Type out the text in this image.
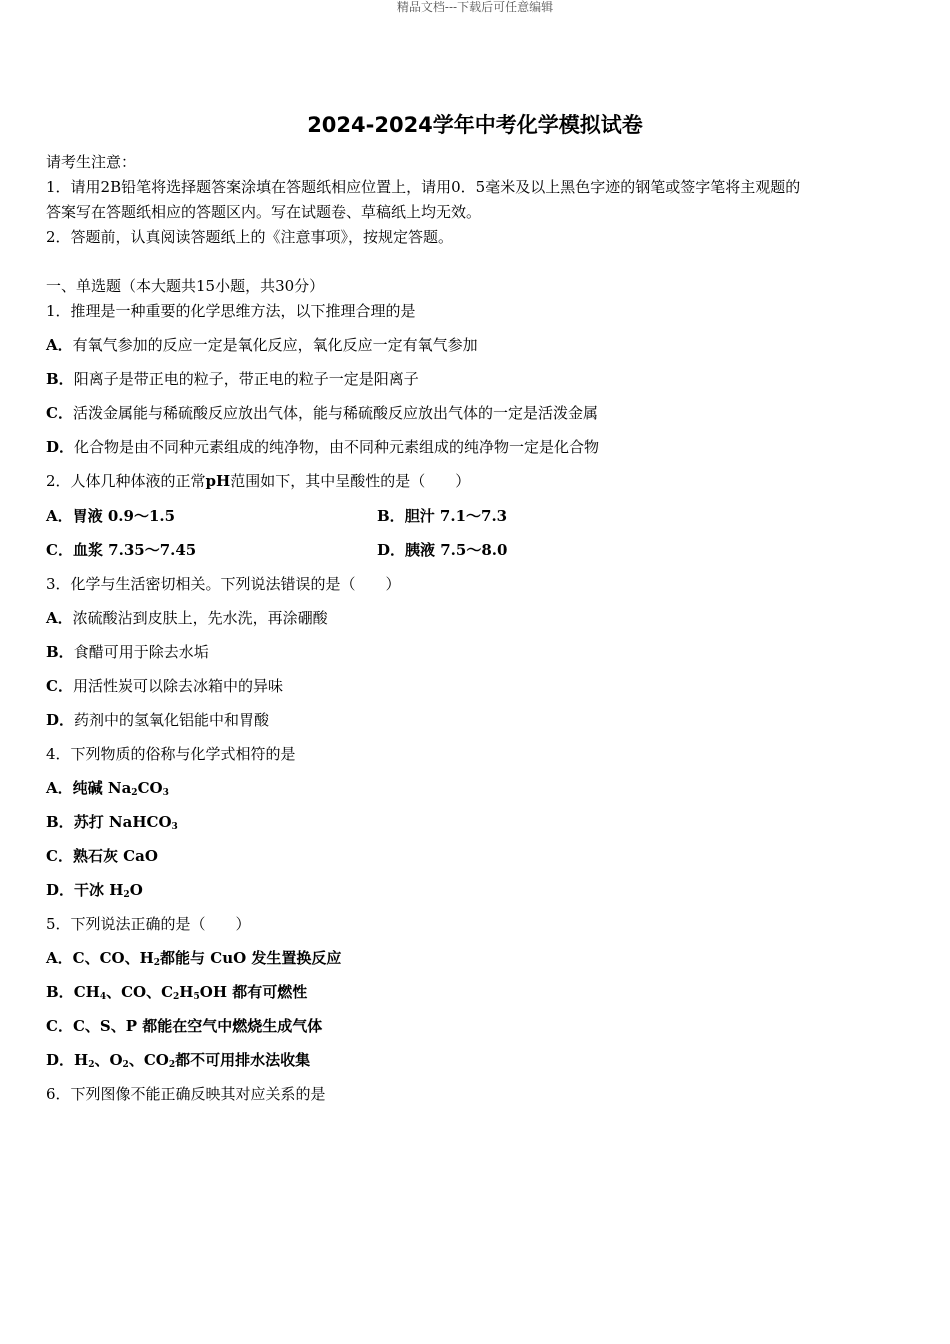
精品文档---下载后可任意编辑
2024-2024学年中考化学模拟试卷
请考生注意：
1．请用2B铅笔将选择题答案涂填在答题纸相应位置上，请用0．5毫米及以上黑色字迹的钢笔或签字笔将主观题的
答案写在答题纸相应的答题区内。写在试题卷、草稿纸上均无效。
2．答题前，认真阅读答题纸上的《注意事项》，按规定答题。
一、单选题（本大题共15小题，共30分）
1．推理是一种重要的化学思维方法，以下推理合理的是
A．有氧气参加的反应一定是氧化反应，氧化反应一定有氧气参加
B．阳离子是带正电的粒子，带正电的粒子一定是阳离子
C．活泼金属能与稀硫酸反应放出气体，能与稀硫酸反应放出气体的一定是活泼金属
D．化合物是由不同种元素组成的纯净物，由不同种元素组成的纯净物一定是化合物
2．人体几种体液的正常pH范围如下，其中呈酸性的是（　　）
A．胃液 0.9～1.5	B．胆汁 7.1～7.3
C．血浆 7.35～7.45	D．胰液 7.5～8.0
3．化学与生活密切相关。下列说法错误的是（　　）
A．浓硫酸沾到皮肤上，先水洗，再涂硼酸
B．食醋可用于除去水垢
C．用活性炭可以除去冰箱中的异味
D．药剂中的氢氧化铝能中和胃酸
4．下列物质的俗称与化学式相符的是
A．纯碱 $Na_2CO_3$
B．苏打 NaHCO$_3$
C．熟石灰 CaO
D．干冰 $H_2O$
5．下列说法正确的是（　　）
A．C、CO、$H_2$都能与 CuO 发生置换反应
B．$CH_4$、CO、$C_2H_5OH$ 都有可燃性
C．C、S、P 都能在空气中燃烧生成气体
D．$H_2$、$O_2$、$CO_2$都不可用排水法收集
6．下列图像不能正确反映其对应关系的是
